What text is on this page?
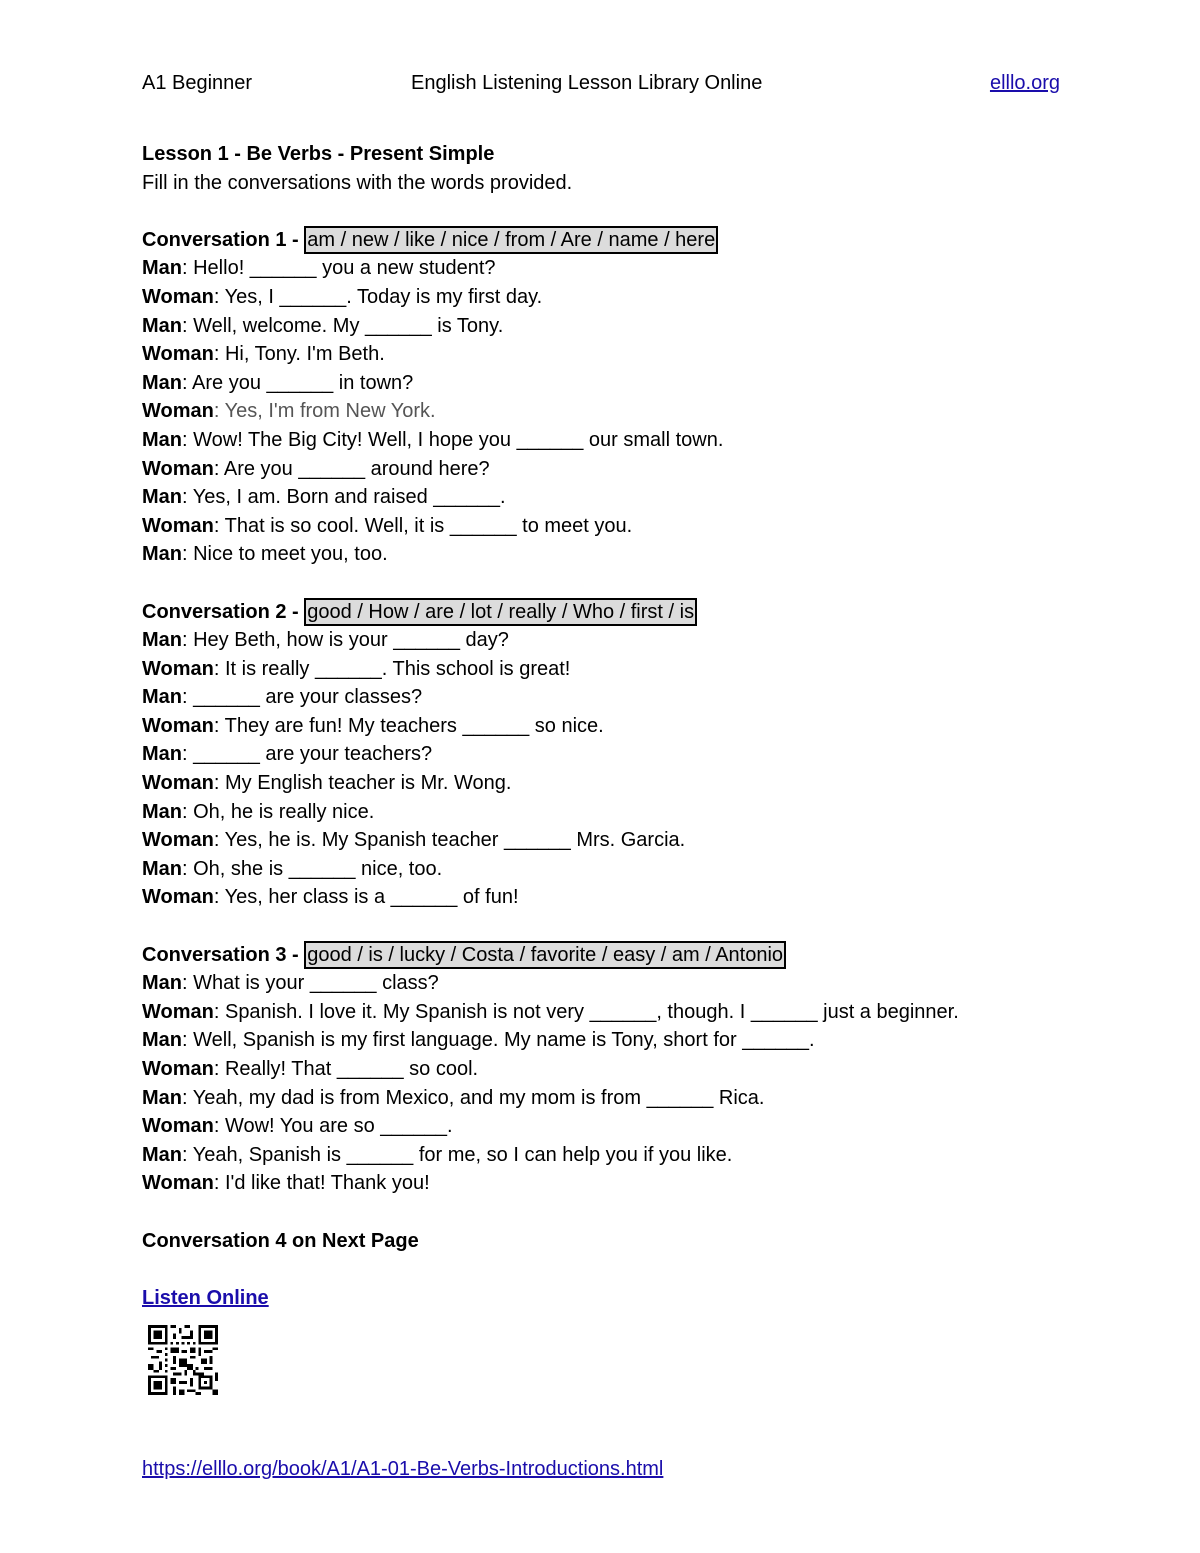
A1 Beginner	English Listening Lesson Library Online	elllo.org
Lesson 1 - Be Verbs - Present Simple
Fill in the conversations with the words provided.
Conversation 1 - am / new / like / nice / from / Are / name / here
Man: Hello! ______ you a new student?
Woman: Yes, I ______. Today is my first day.
Man: Well, welcome. My ______ is Tony.
Woman: Hi, Tony. I'm Beth.
Man: Are you ______ in town?
Woman: Yes, I'm from New York.
Man: Wow! The Big City! Well, I hope you ______ our small town.
Woman: Are you ______ around here?
Man: Yes, I am. Born and raised ______.
Woman: That is so cool. Well, it is ______ to meet you.
Man: Nice to meet you, too.
Conversation 2 - good / How / are / lot / really / Who / first / is
Man: Hey Beth, how is your ______ day?
Woman: It is really ______. This school is great!
Man: ______ are your classes?
Woman: They are fun! My teachers ______ so nice.
Man: ______ are your teachers?
Woman: My English teacher is Mr. Wong.
Man: Oh, he is really nice.
Woman: Yes, he is. My Spanish teacher ______ Mrs. Garcia.
Man: Oh, she is ______ nice, too.
Woman: Yes, her class is a ______ of fun!
Conversation 3 - good / is / lucky / Costa / favorite / easy / am / Antonio
Man: What is your ______ class?
Woman: Spanish. I love it. My Spanish is not very ______, though. I ______ just a beginner.
Man: Well, Spanish is my first language. My name is Tony, short for ______.
Woman: Really! That ______ so cool.
Man: Yeah, my dad is from Mexico, and my mom is from ______ Rica.
Woman: Wow! You are so ______.
Man: Yeah, Spanish is ______ for me, so I can help you if you like.
Woman: I'd like that! Thank you!
Conversation 4 on Next Page
Listen Online
https://elllo.org/book/A1/A1-01-Be-Verbs-Introductions.html
